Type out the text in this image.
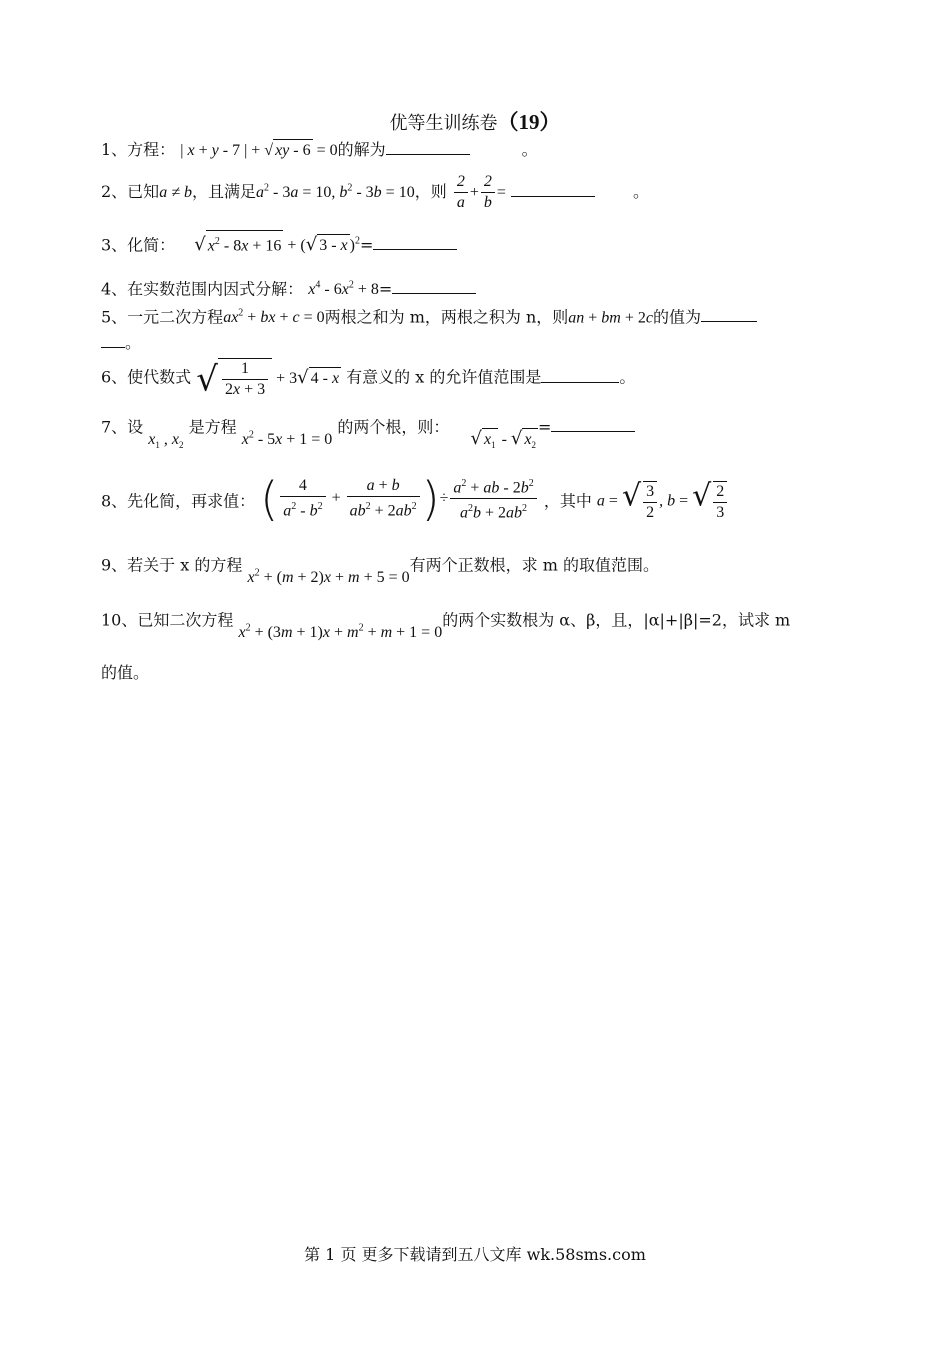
优等生训练卷（19）
1、方程： | x + y - 7 | + √ xy - 6 = 0的解为	。
2、已知a ≠ b，且满足$a^2 - 3a = 10$, $b^2 - 3b = 10$，则 $\frac{2}{a} + \frac{2}{b}$ =	。
3、化简： √ $x^2 - 8x + 16$ + (√ 3 - x )$^2$=
4、在实数范围内因式分解： $x^4 - 6x^2 + 8=$
5、一元二次方程$ax^2$ + bx + c = 0两根之和为 m，两根之积为 n，则an + bm + 2c的值为
。
6、使代数式 √ $\frac{1}{2x + 3} + 3√$ 4 - x 有意义的 x 的允许值范围是	。
7、设 $x_1$ , $x_2$ 是方程 $x^2 - 5x + 1 = 0$ 的两个根，则： √ $x_1$ - √ $x_2=$
8、先化简，再求值： ( $\frac{4}{a^2 - b^2} + \frac{a + b}{ab^2 + 2ab^2}$ )÷ $\frac{a^2 + ab - 2b^2}{a^2b + 2ab^2}$ ，其中 a = √ $\frac{3}{2}$ , b = √ $\frac{2}{3}$
9、若关于 x 的方程 $x^2 + (m + 2)x + m + 5 = 0$有两个正数根，求 m 的取值范围。
10、已知二次方程 $x^2 + (3m + 1)x + m^2 + m + 1 = 0$的两个实数根为 α、β，且，|α|+|β|=2，试求 m
的值。
第 1 页 更多下载请到五八文库 wk.58sms.com
